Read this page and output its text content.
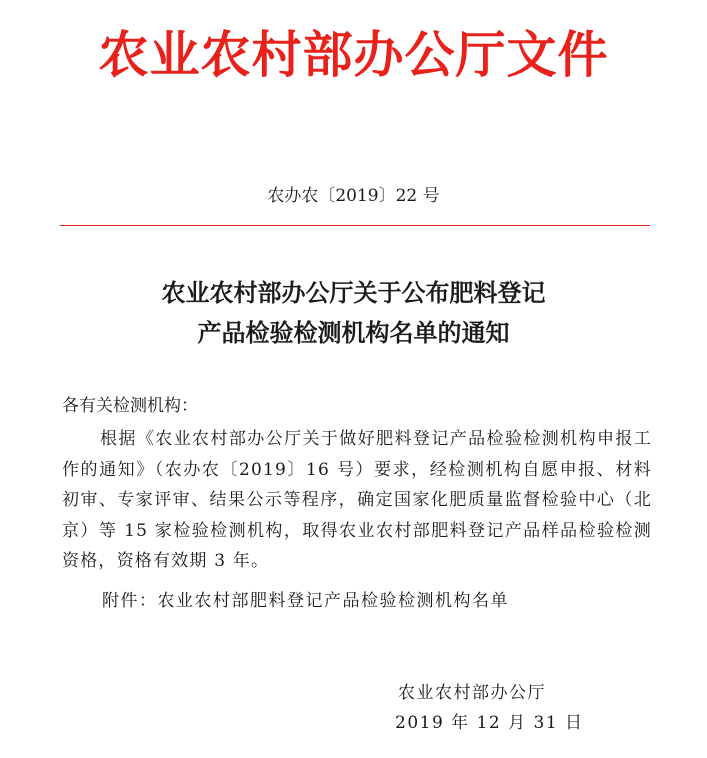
农业农村部办公厅文件
农办农〔2019〕22 号
农业农村部办公厅关于公布肥料登记
产品检验检测机构名单的通知
各有关检测机构：

根据《农业农村部办公厅关于做好肥料登记产品检验检测机构申报工作的通知》（农办农〔2019〕16 号）要求，经检测机构自愿申报、材料初审、专家评审、结果公示等程序，确定国家化肥质量监督检验中心（北京）等 15 家检验检测机构，取得农业农村部肥料登记产品样品检验检测资格，资格有效期 3 年。

附件：农业农村部肥料登记产品检验检测机构名单
农业农村部办公厅
2019 年 12 月 31 日
